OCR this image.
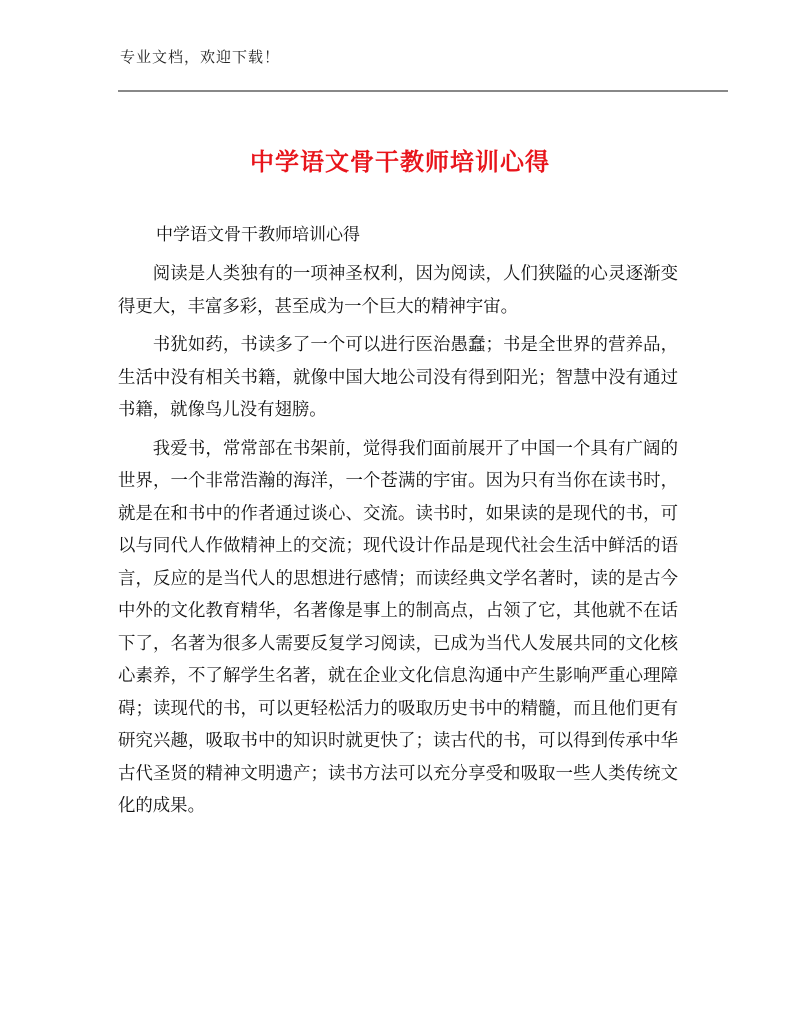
专业文档，欢迎下载！
中学语文骨干教师培训心得
中学语文骨干教师培训心得

阅读是人类独有的一项神圣权利，因为阅读，人们狭隘的心灵逐渐变得更大，丰富多彩，甚至成为一个巨大的精神宇宙。

书犹如药，书读多了一个可以进行医治愚蠢；书是全世界的营养品，生活中没有相关书籍，就像中国大地公司没有得到阳光；智慧中没有通过书籍，就像鸟儿没有翅膀。

我爱书，常常部在书架前，觉得我们面前展开了中国一个具有广阔的世界，一个非常浩瀚的海洋，一个苍满的宇宙。因为只有当你在读书时，就是在和书中的作者通过谈心、交流。读书时，如果读的是现代的书，可以与同代人作做精神上的交流；现代设计作品是现代社会生活中鲜活的语言，反应的是当代人的思想进行感情；而读经典文学名著时，读的是古今中外的文化教育精华，名著像是事上的制高点，占领了它，其他就不在话下了，名著为很多人需要反复学习阅读，已成为当代人发展共同的文化核心素养，不了解学生名著，就在企业文化信息沟通中产生影响严重心理障碍；读现代的书，可以更轻松活力的吸取历史书中的精髓，而且他们更有研究兴趣，吸取书中的知识时就更快了；读古代的书，可以得到传承中华古代圣贤的精神文明遗产；读书方法可以充分享受和吸取一些人类传统文化的成果。
